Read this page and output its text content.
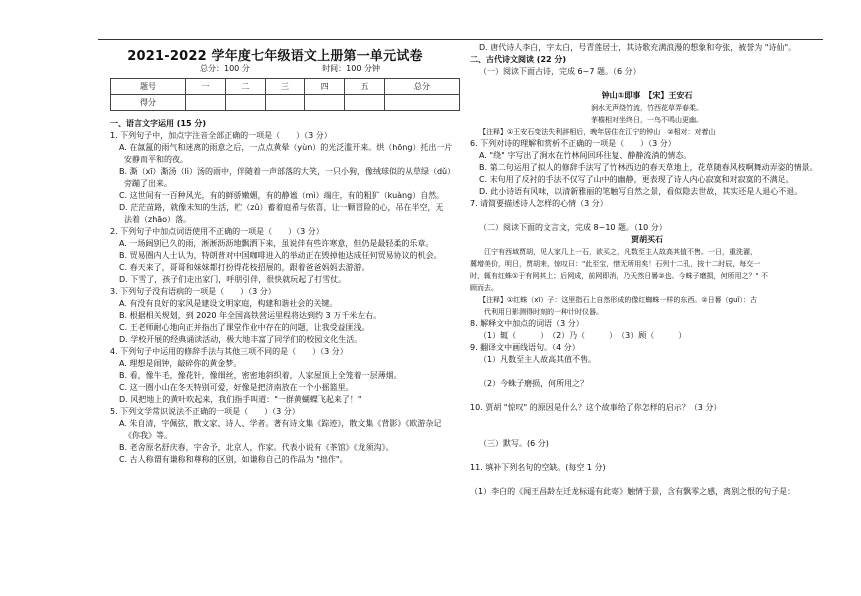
2021-2022 学年度七年级语文上册第一单元试卷
总分：100 分	时间：100 分钟
题号	一	二	三	四	五	总分
得分						
一、语言文字运用 (15 分)
1. 下列句子中，加点字注音全部正确的一项是（　　）（3 分）
A. 在氤氲的雨气和迷离的雨意之后，一点点黄晕（yùn）的光泛滥开来。烘（hōng）托出一片
安静而平和的夜。
B. 澌（xī）澌汤（lì）汤的雨中，伴随着一声部落的大笑，一只小狗，像绒球似的从草绿（dǔ）
旁蹦了出来。
C. 这世间有一百种风光，有的鲜骄嫩媚，有的静谧（mì）端庄，有的粗犷（kuàng）自然。
D. 茫茫苗路，就像未知的生活，贮（zǔ）蓄着庭希与依喜，让一颗冒险的心，吊在半空，无
法着（zhāo）落。
2. 下列句子中加点词语使用不正确的一项是（　　）（3 分）
A. 一场阔别已久的雨，淅淅沥沥地飘洒下来，虽说伴有些许寒意，但仍是最轻柔的乐章。
B. 贸易圈内人士认为，特朗普对中国咖啡进入的举动正在毁掉他达成任何贸易协议的机会。
C. 春天来了，哥哥和妹妹都打扮得花枝招展的，跟着爸爸妈妈去游游。
D. 下雪了，孩子们走出家门，呼朋引伴，很快就玩起了打雪仗。
3. 下列句子没有语病的一项是（　　）（3 分）
A. 有没有良好的家风是建设文明家庭，构建和谐社会的关键。
B. 根据相关规划，到 2020 年全国高铁营运里程将达到约 3 万千米左右。
C. 王老师耐心地向正并指出了课堂作业中存在的问题，让我受益匪浅。
D. 学校开展的经典诵读活动，极大地丰富了同学们的校园文化生活。
4. 下列句子中运用的修辞手法与其他三项不同的是（　　）（3 分）
A. 理想是闹钟，敲碎你的黄金梦。
B. 看，像牛毛，像花针，像细丝，密密地斜织着，人家屋顶上全笼着一层薄烟。
C. 这一圈小山在冬天特别可爱，好像是把济南放在一个小摇篮里。
D. 风把地上的黄叶吹起来，我们指手叫道："一群黄蝴蝶飞起来了！"
5. 下列文学常识说法不正确的一项是（　　）（3 分）
A. 朱自清，字佩弦，散文家、诗人、学者。著有诗文集《踪迹》，散文集《背影》《欧游杂记
《你我》等。
B. 老舍原名舒庆春，字舍予，北京人，作家。代表小说有《茶馆》《龙须沟》。
C. 古人称谓有谦称和尊称的区别，如谦称自己的作品为 "拙作"。
D. 唐代诗人李白，字太白，号青莲居士，其诗歌充满浪漫的想象和夸张，被誉为 "诗仙"。
二、古代诗文阅读 (22 分)
（一）阅读下面古诗，完成 6~7 题。（6 分）
钟山①即事　【宋】王安石
涧水无声绕竹流，竹西花草弄春柔。
茅檐相对坐终日，一鸟不鸣山更幽。
【注释】①王安石变法失利辞相后，晚年居住在江宁的钟山　②相对：对着山
6. 下列对诗的理解和赏析不正确的一项是（　　）（3 分）
A. "绕" 字写出了涧水在竹林间回环往复、静静流淌的情态。
B. 第二句运用了拟人的修辞手法写了竹林西边的春天草地上，花草随春风枝啊舞动弄姿的情景。
C. 末句用了反衬的手法不仅写了山中的幽静，更表现了诗人内心寂寞和对寂寞的不满足。
D. 此小诗语有风味，以清新雅丽的笔触写自然之景，看似隐去世故，其实还是人退心不退。
7. 请简要描述诗人怎样的心情（3 分）
（二）阅读下面的文言文，完成 8~10 题。（10 分）
贾胡买石
江宁有西域贾胡，见人家几上一石，欲买之，凡数至主人故高其值不售。一日，重洗濯，
冀增美价，明日，贾胡来，惊叹曰："此至宝，惜无所用矣！石列十二孔，按十二时辰，每交一
时，辄有红蛛①于有网其上；后网成，前网即消，乃天然日晷②也。今蛛子磨损，何所用之？" 不
顾而去。
【注释】①红蛛（xī）子：这里指石上自然形成的像红蜘蛛一样的东西。②日晷（guǐ）：古
代利用日影测得时刻的一种计时仪器。
8. 解释文中加点的词语（3 分）
（1）辄（　　　）　（2）乃（　　　）　（3）顾（　　　）
9. 翻译文中画线语句。（4 分）
（1）凡数至主人故高其值不售。
（2）今蛛子磨损，何所用之？
10. 贾胡 "惊叹" 的原因是什么？这个故事给了你怎样的启示？（3 分）
（三）默写。(6 分)
11. 填补下列名句的空缺。(每空 1 分)
（1）李白的《闻王昌龄左迁龙标遥有此寄》触情于景，含有飘零之感，离别之恨的句子是：
